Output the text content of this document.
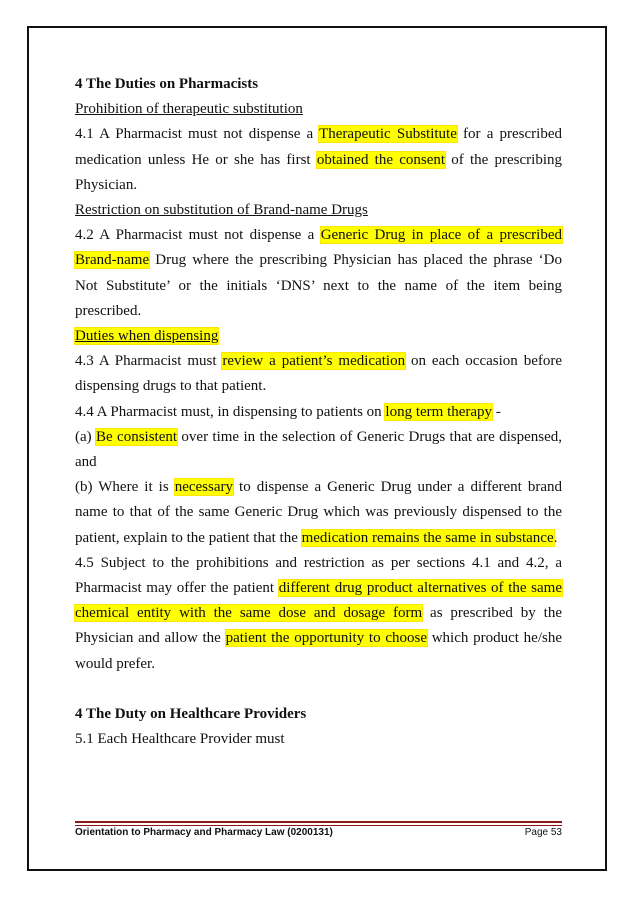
4 The Duties on Pharmacists

Prohibition of therapeutic substitution

4.1 A Pharmacist must not dispense a Therapeutic Substitute for a prescribed medication unless He or she has first obtained the consent of the prescribing Physician.

Restriction on substitution of Brand-name Drugs

4.2 A Pharmacist must not dispense a Generic Drug in place of a prescribed Brand-name Drug where the prescribing Physician has placed the phrase ‘Do Not Substitute’ or the initials ‘DNS’ next to the name of the item being prescribed.

Duties when dispensing

4.3 A Pharmacist must review a patient’s medication on each occasion before dispensing drugs to that patient.

4.4 A Pharmacist must, in dispensing to patients on long term therapy -

(a) Be consistent over time in the selection of Generic Drugs that are dispensed, and

(b) Where it is necessary to dispense a Generic Drug under a different brand name to that of the same Generic Drug which was previously dispensed to the patient, explain to the patient that the medication remains the same in substance.

4.5 Subject to the prohibitions and restriction as per sections 4.1 and 4.2, a Pharmacist may offer the patient different drug product alternatives of the same chemical entity with the same dose and dosage form as prescribed by the Physician and allow the patient the opportunity to choose which product he/she would prefer.

4 The Duty on Healthcare Providers

5.1 Each Healthcare Provider must

Orientation to Pharmacy and Pharmacy Law (0200131)	Page 53
